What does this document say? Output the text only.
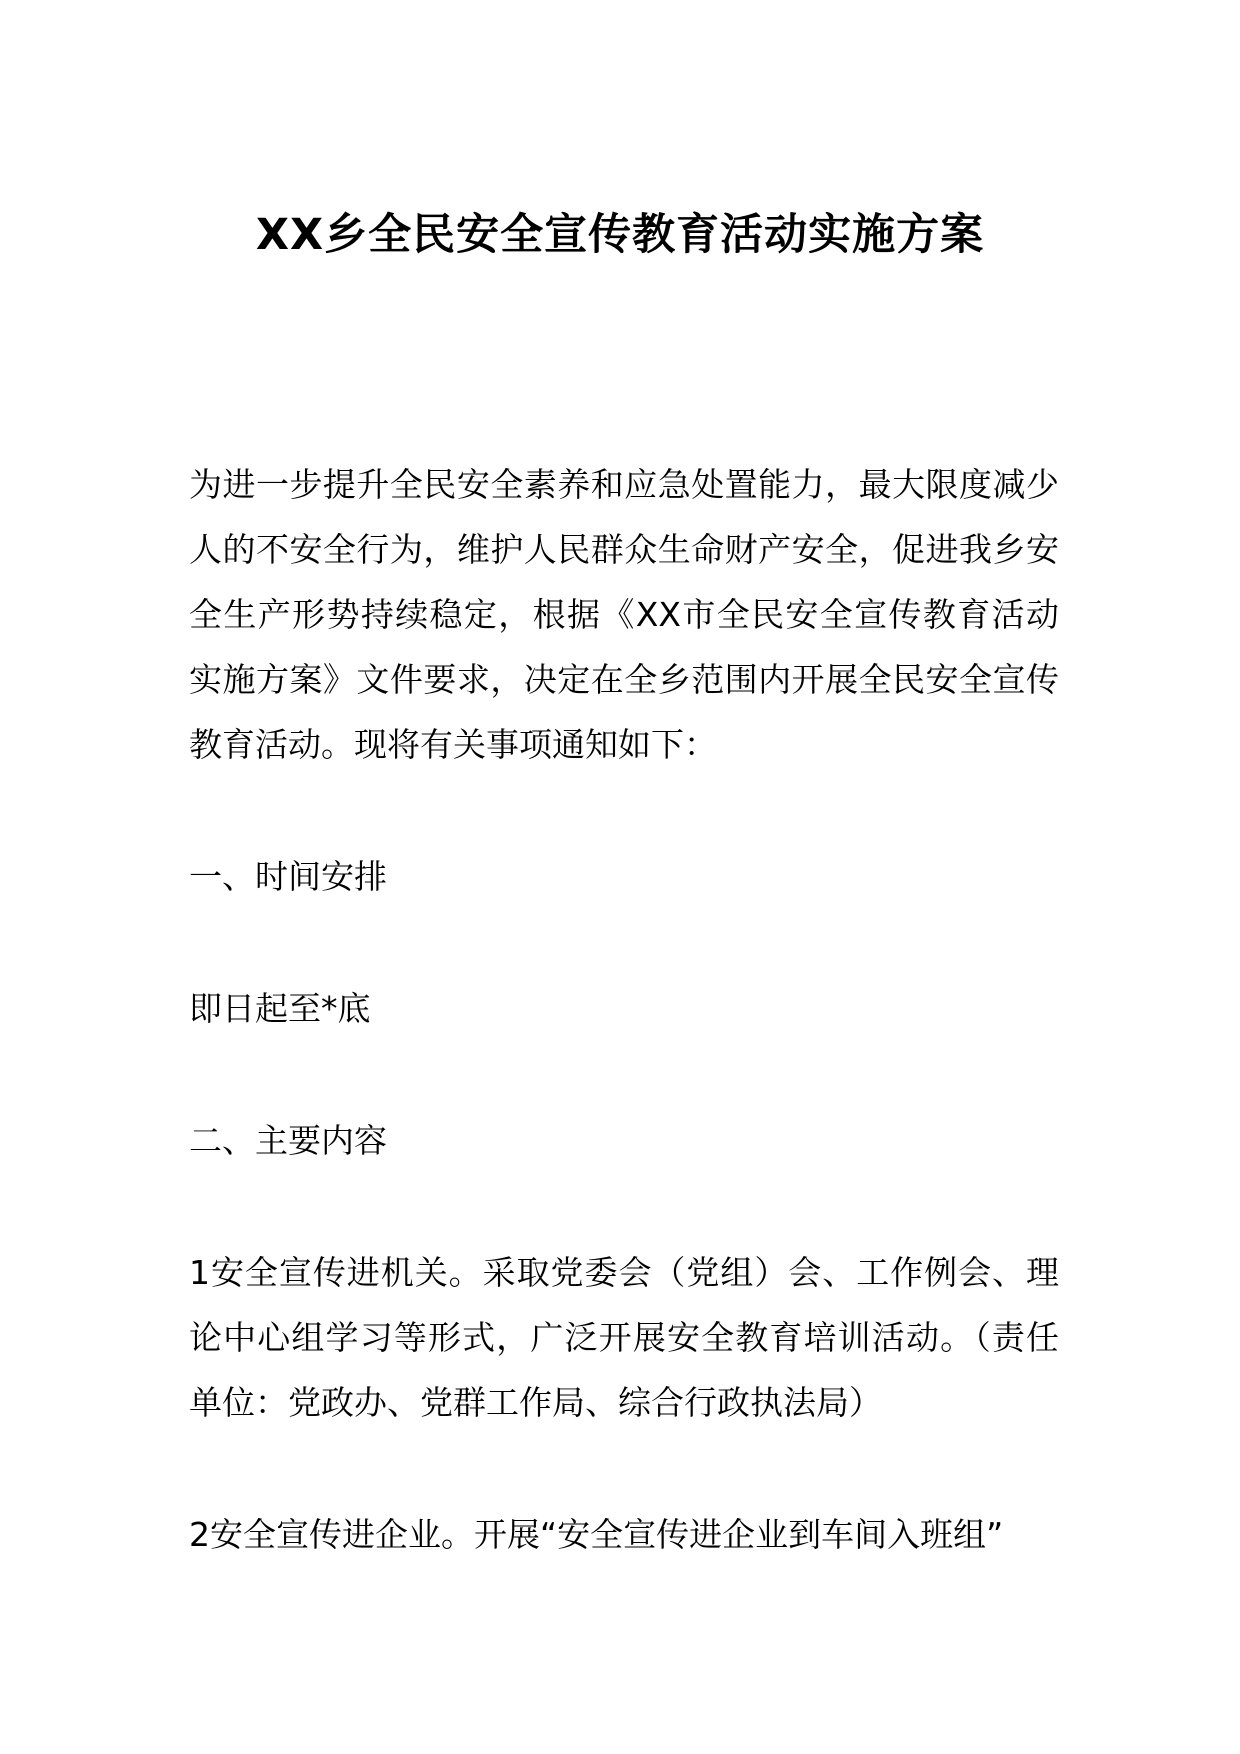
XX乡全民安全宣传教育活动实施方案

为进一步提升全民安全素养和应急处置能力，最大限度减少人的不安全行为，维护人民群众生命财产安全，促进我乡安全生产形势持续稳定，根据《XX市全民安全宣传教育活动实施方案》文件要求，决定在全乡范围内开展全民安全宣传教育活动。现将有关事项通知如下：

一、时间安排

即日起至*底

二、主要内容

1安全宣传进机关。采取党委会（党组）会、工作例会、理论中心组学习等形式，广泛开展安全教育培训活动。（责任单位：党政办、党群工作局、综合行政执法局）

2安全宣传进企业。开展“安全宣传进企业到车间入班组”
